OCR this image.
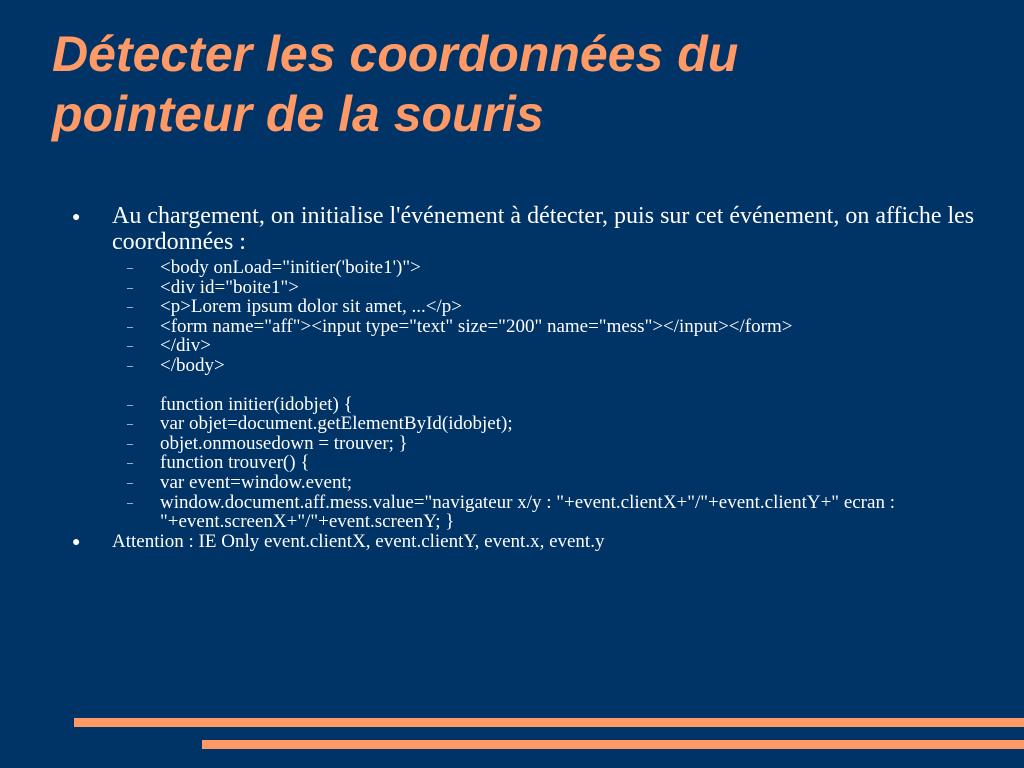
Détecter les coordonnées du
pointeur de la souris
● Au chargement, on initialise l'événement à détecter, puis sur cet événement, on affiche les coordonnées :
– <body onLoad="initier('boite1')">
– <div id="boite1">
– <p>Lorem ipsum dolor sit amet, ...</p>
– <form name="aff"><input type="text" size="200" name="mess"></input></form>
– </div>
– </body>
– function initier(idobjet) {
– var objet=document.getElementById(idobjet);
– objet.onmousedown = trouver; }
– function trouver() {
– var event=window.event;
– window.document.aff.mess.value="navigateur x/y : "+event.clientX+"/"+event.clientY+" ecran : "+event.screenX+"/"+event.screenY; }
● Attention : IE Only event.clientX, event.clientY, event.x, event.y
